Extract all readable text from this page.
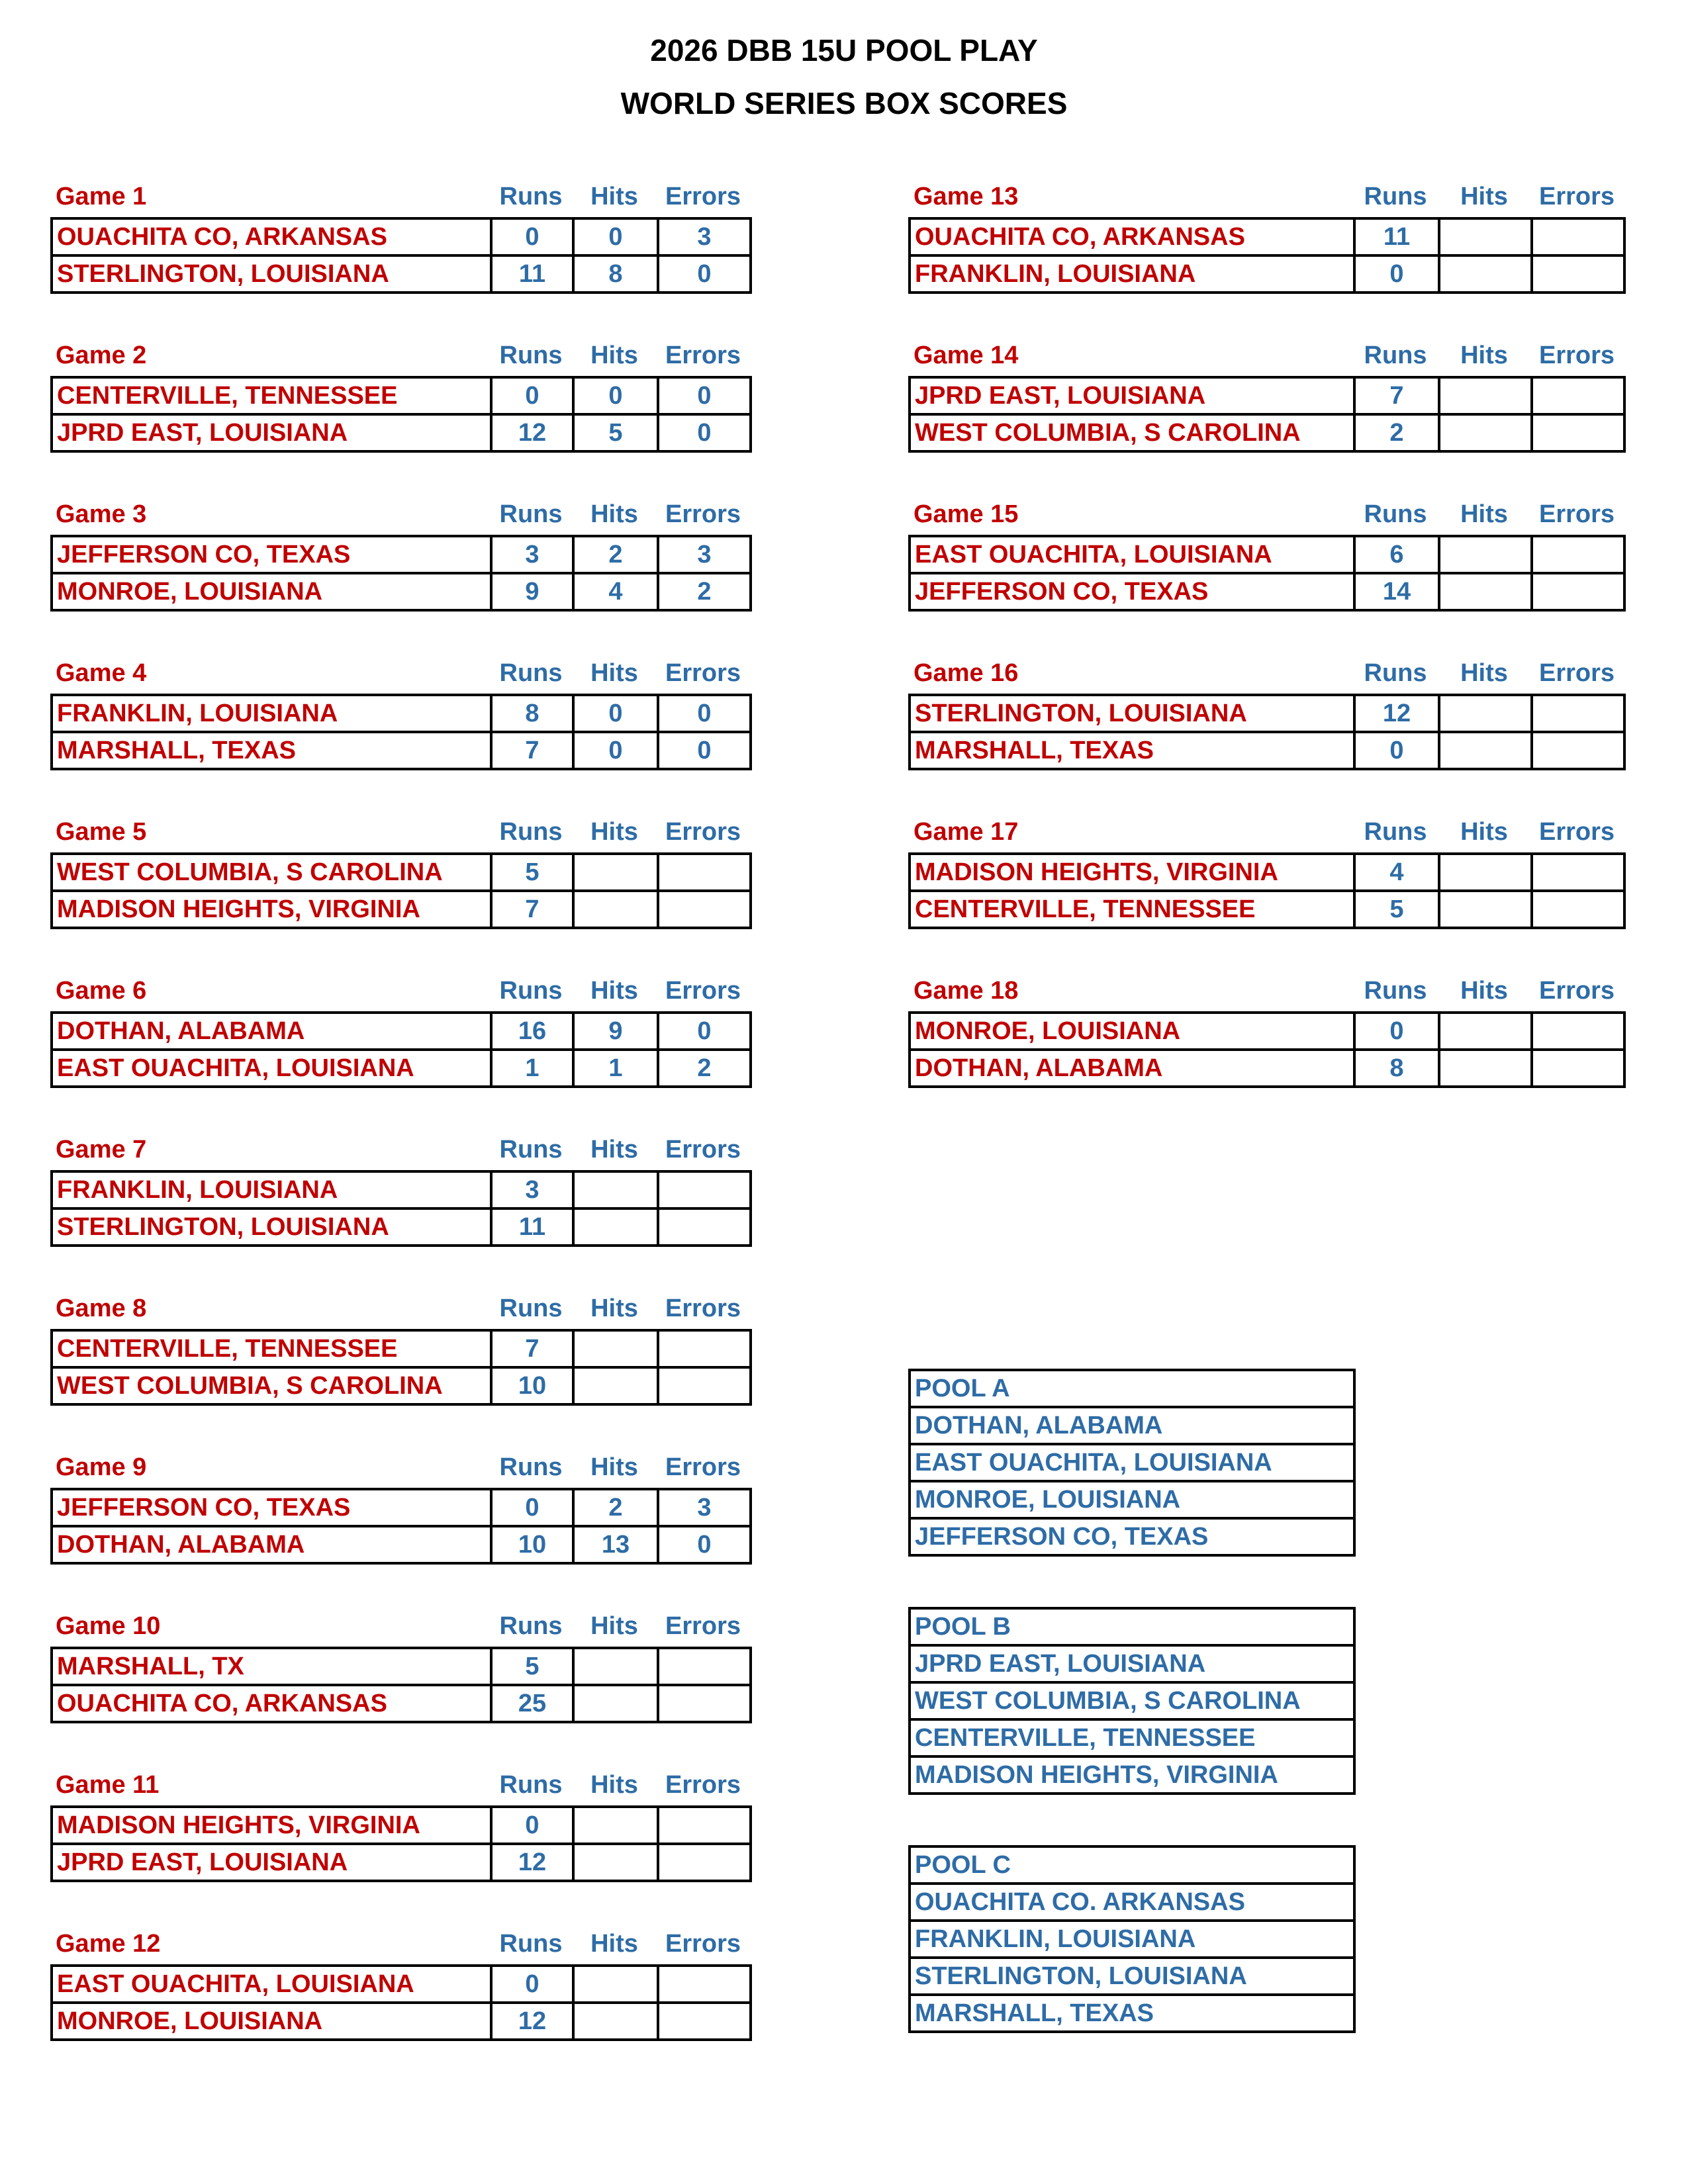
2026 DBB 15U POOL PLAY
WORLD SERIES BOX SCORES
Game 1	Runs	Hits	Errors
OUACHITA CO, ARKANSAS	0	0	3
STERLINGTON, LOUISIANA	11	8	0
Game 2	Runs	Hits	Errors
CENTERVILLE, TENNESSEE	0	0	0
JPRD EAST, LOUISIANA	12	5	0
Game 3	Runs	Hits	Errors
JEFFERSON CO, TEXAS	3	2	3
MONROE, LOUISIANA	9	4	2
Game 4	Runs	Hits	Errors
FRANKLIN, LOUISIANA	8	0	0
MARSHALL, TEXAS	7	0	0
Game 5	Runs	Hits	Errors
WEST COLUMBIA, S CAROLINA	5		
MADISON HEIGHTS, VIRGINIA	7		
Game 6	Runs	Hits	Errors
DOTHAN, ALABAMA	16	9	0
EAST OUACHITA, LOUISIANA	1	1	2
Game 7	Runs	Hits	Errors
FRANKLIN, LOUISIANA	3		
STERLINGTON, LOUISIANA	11		
Game 8	Runs	Hits	Errors
CENTERVILLE, TENNESSEE	7		
WEST COLUMBIA, S CAROLINA	10		
Game 9	Runs	Hits	Errors
JEFFERSON CO, TEXAS	0	2	3
DOTHAN, ALABAMA	10	13	0
Game 10	Runs	Hits	Errors
MARSHALL, TX	5		
OUACHITA CO, ARKANSAS	25		
Game 11	Runs	Hits	Errors
MADISON HEIGHTS, VIRGINIA	0		
JPRD EAST, LOUISIANA	12		
Game 12	Runs	Hits	Errors
EAST OUACHITA, LOUISIANA	0		
MONROE, LOUISIANA	12		
Game 13	Runs	Hits	Errors
OUACHITA CO, ARKANSAS	11		
FRANKLIN, LOUISIANA	0		
Game 14	Runs	Hits	Errors
JPRD EAST, LOUISIANA	7		
WEST COLUMBIA, S CAROLINA	2		
Game 15	Runs	Hits	Errors
EAST OUACHITA, LOUISIANA	6		
JEFFERSON CO, TEXAS	14		
Game 16	Runs	Hits	Errors
STERLINGTON, LOUISIANA	12		
MARSHALL, TEXAS	0		
Game 17	Runs	Hits	Errors
MADISON HEIGHTS, VIRGINIA	4		
CENTERVILLE, TENNESSEE	5		
Game 18	Runs	Hits	Errors
MONROE, LOUISIANA	0		
DOTHAN, ALABAMA	8		
POOL A
DOTHAN, ALABAMA
EAST OUACHITA, LOUISIANA
MONROE, LOUISIANA
JEFFERSON CO, TEXAS
POOL B
JPRD EAST, LOUISIANA
WEST COLUMBIA, S CAROLINA
CENTERVILLE, TENNESSEE
MADISON HEIGHTS, VIRGINIA
POOL C
OUACHITA CO. ARKANSAS
FRANKLIN, LOUISIANA
STERLINGTON, LOUISIANA
MARSHALL, TEXAS
